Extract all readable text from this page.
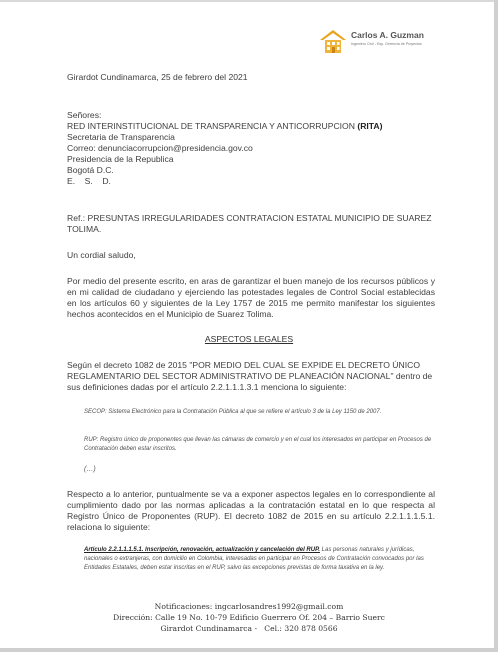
Carlos A. Guzman
Ingeniero Civil - Esp. Gerencia de Proyectos
Girardot Cundinamarca, 25 de febrero del 2021
Señores:
RED INTERINSTITUCIONAL DE TRANSPARENCIA Y ANTICORRUPCION (RITA)
Secretaria de Transparencia
Correo: denunciacorrupcion@presidencia.gov.co
Presidencia de la Republica
Bogotá D.C.
E.    S.    D.
Ref.: PRESUNTAS IRREGULARIDADES CONTRATACION ESTATAL MUNICIPIO DE SUAREZ
TOLIMA.
Un cordial saludo,
Por medio del presente escrito, en aras de garantizar el buen manejo de los recursos públicos y en mi calidad de ciudadano y ejerciendo las potestades legales de Control Social establecidas en los artículos 60 y siguientes de la Ley 1757 de 2015 me permito manifestar los siguientes hechos acontecidos en el Municipio de Suarez Tolima.
ASPECTOS LEGALES
Según el decreto 1082 de 2015 "POR MEDIO DEL CUAL SE EXPIDE EL DECRETO ÚNICO REGLAMENTARIO DEL SECTOR ADMINISTRATIVO DE PLANEACIÓN NACIONAL" dentro de sus definiciones dadas por el artículo 2.2.1.1.1.3.1 menciona lo siguiente:
SECOP: Sistema Electrónico para la Contratación Pública al que se refiere el artículo 3 de la Ley 1150 de 2007.
RUP: Registro único de proponentes que llevan las cámaras de comercio y en el cual los interesados en participar en Procesos de Contratación deben estar inscritos.
(…)
Respecto a lo anterior, puntualmente se va a exponer aspectos legales en lo correspondiente al cumplimiento dado por las normas aplicadas a la contratación estatal en lo que respecta al Registro Único de Proponentes (RUP). El decreto 1082 de 2015 en su artículo 2.2.1.1.1.5.1. relaciona lo siguiente:
Artículo 2.2.1.1.1.5.1. Inscripción, renovación, actualización y cancelación del RUP. Las personas naturales y jurídicas, nacionales o extranjeras, con domicilio en Colombia, interesadas en participar en Procesos de Contratación convocados por las Entidades Estatales, deben estar inscritas en el RUP, salvo las excepciones previstas de forma taxativa en la ley.
Notificaciones: ingcarlosandres1992@gmail.com
Dirección: Calle 19 No. 10-79 Edificio Guerrero Of. 204 – Barrio Suerc
Girardot Cundinamarca -   Cel.: 320 878 0566
